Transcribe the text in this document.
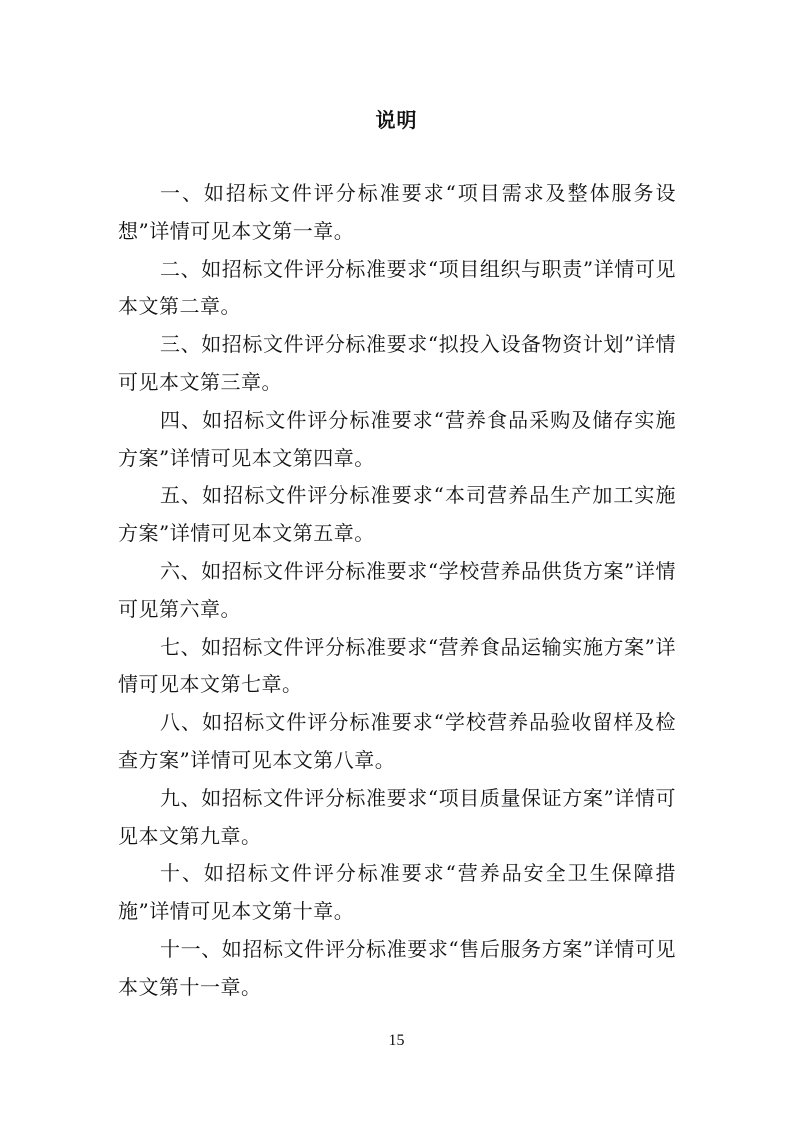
说明

一、如招标文件评分标准要求“项目需求及整体服务设想”详情可见本文第一章。

二、如招标文件评分标准要求“项目组织与职责”详情可见本文第二章。

三、如招标文件评分标准要求“拟投入设备物资计划”详情可见本文第三章。

四、如招标文件评分标准要求“营养食品采购及储存实施方案”详情可见本文第四章。

五、如招标文件评分标准要求“本司营养品生产加工实施方案”详情可见本文第五章。

六、如招标文件评分标准要求“学校营养品供货方案”详情可见第六章。

七、如招标文件评分标准要求“营养食品运输实施方案”详情可见本文第七章。

八、如招标文件评分标准要求“学校营养品验收留样及检查方案”详情可见本文第八章。

九、如招标文件评分标准要求“项目质量保证方案”详情可见本文第九章。

十、如招标文件评分标准要求“营养品安全卫生保障措施”详情可见本文第十章。

十一、如招标文件评分标准要求“售后服务方案”详情可见本文第十一章。

15
